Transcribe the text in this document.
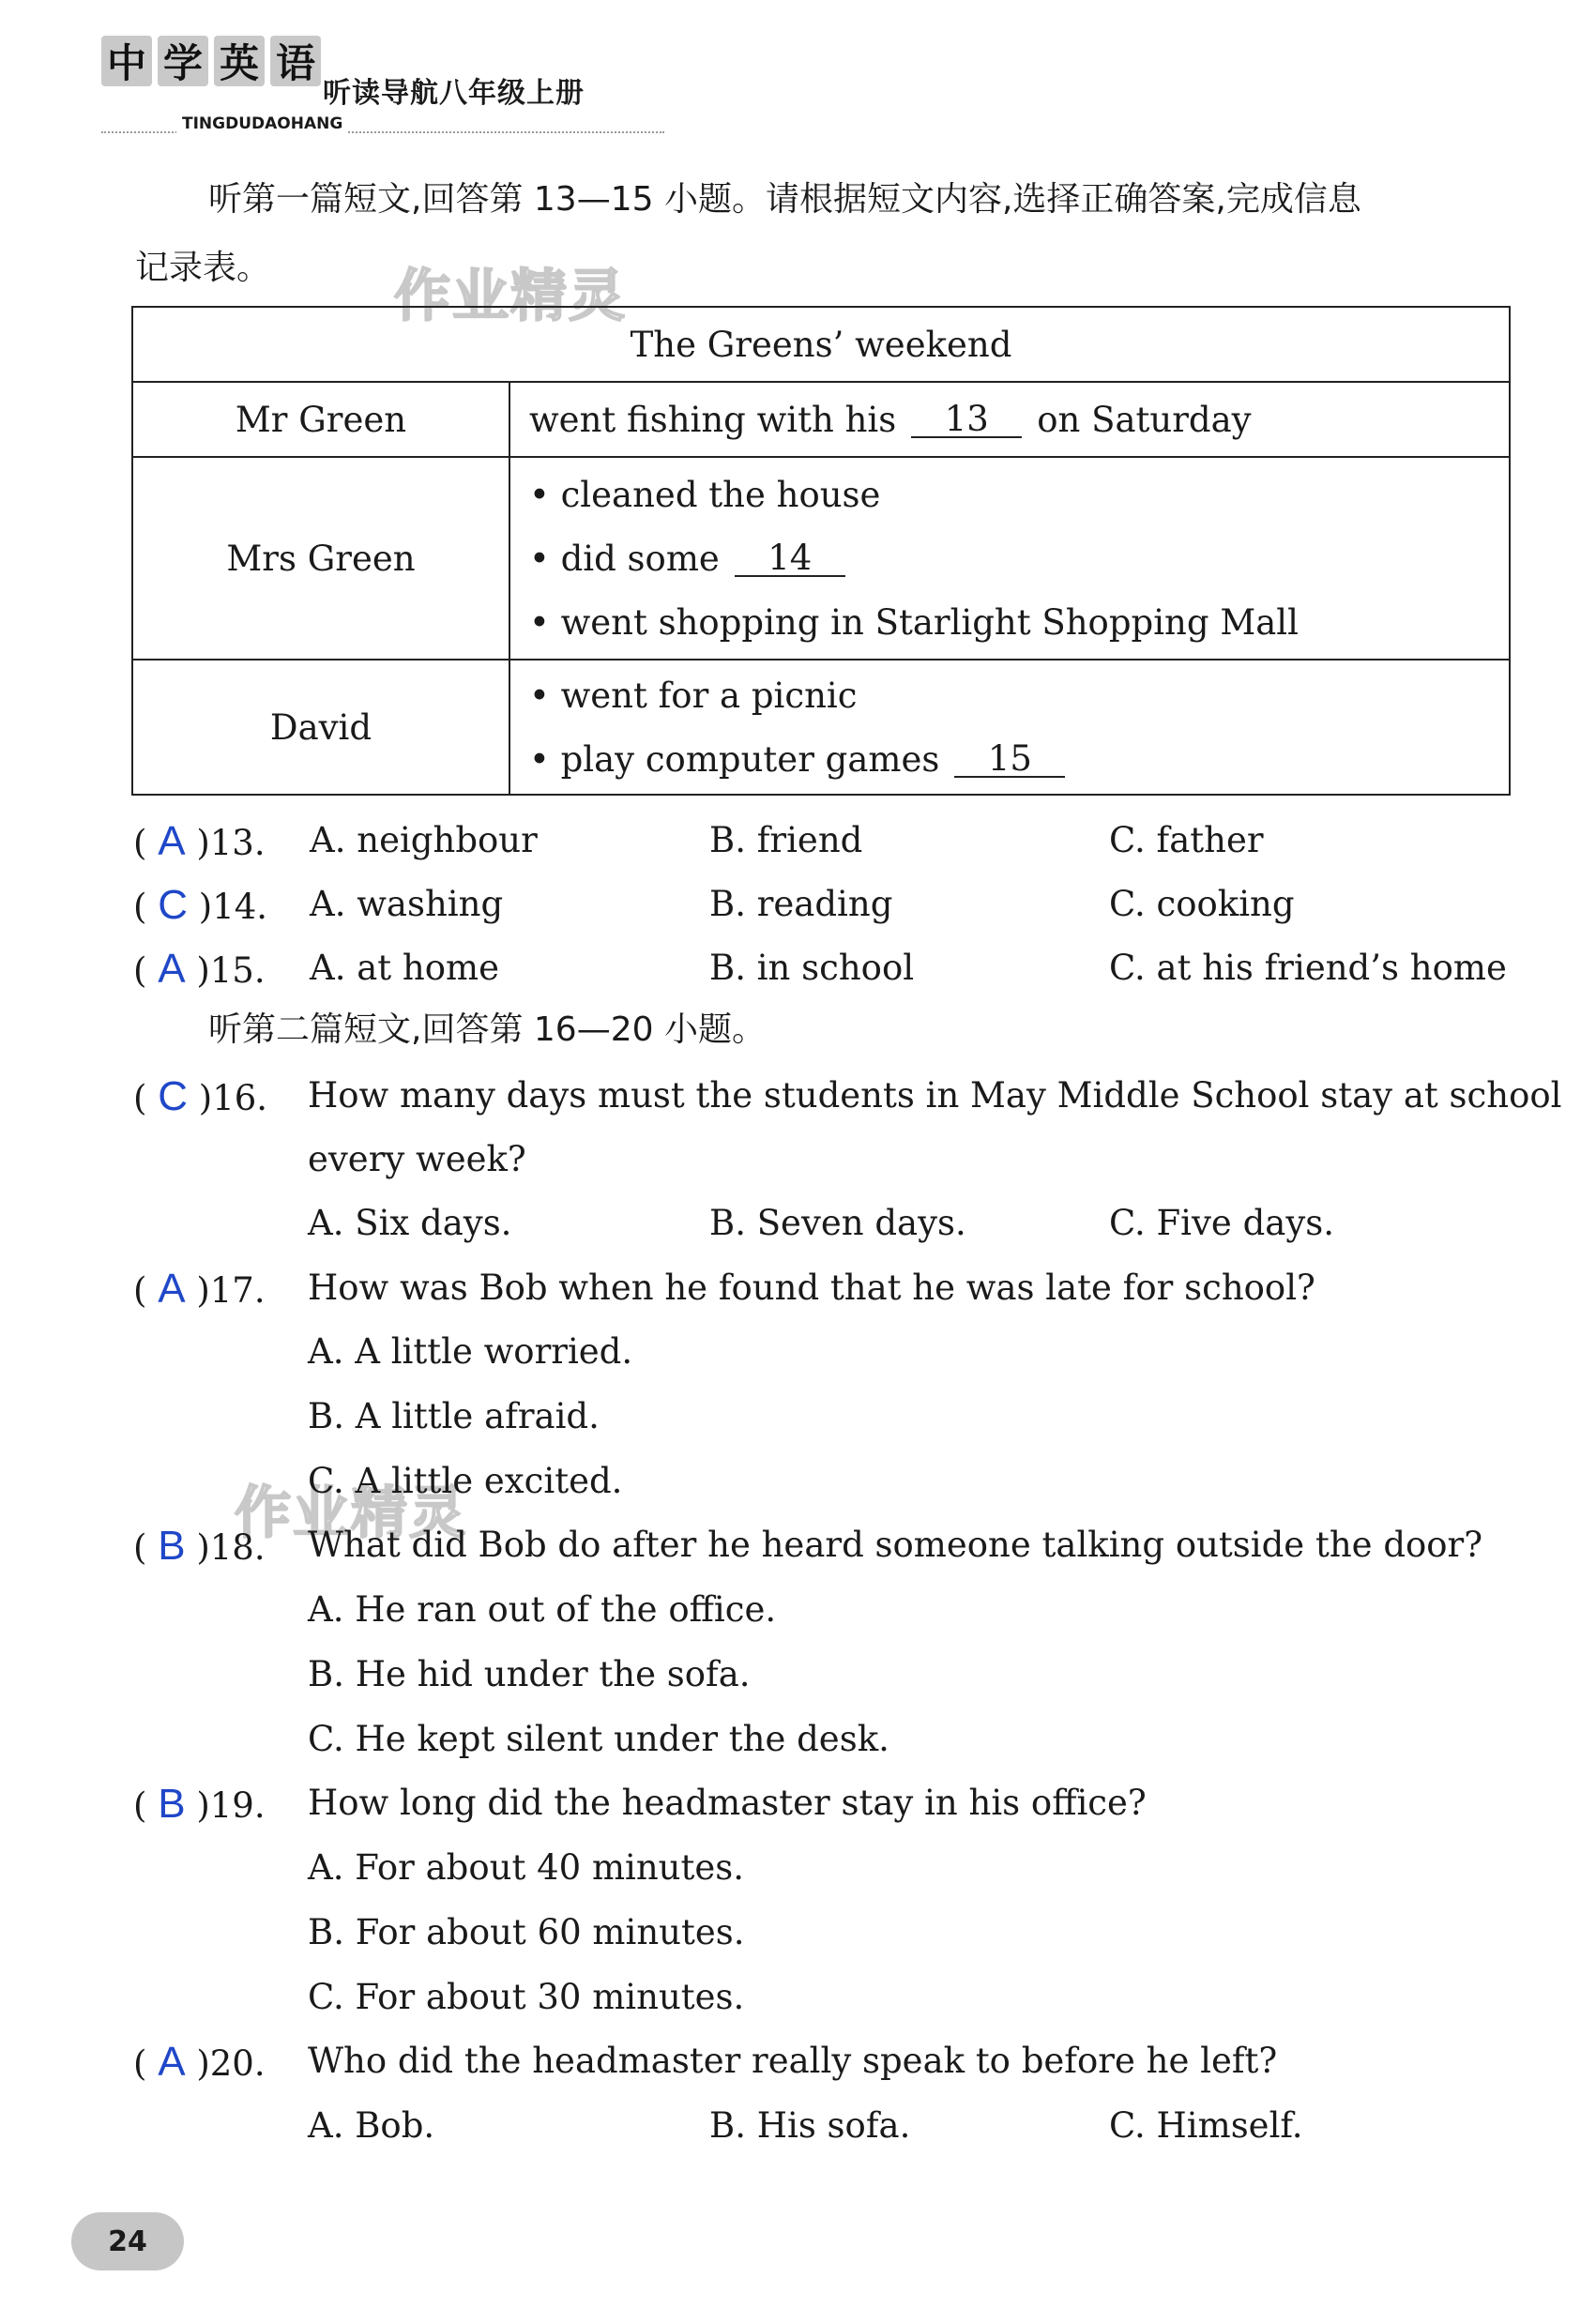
中 学 英 语
听读导航八年级上册
TINGDUDAOHANG
作业精灵
作业精灵
听第一篇短文,回答第 13—15 小题。请根据短文内容,选择正确答案,完成信息
记录表。
The Greens’ weekend	
Mr Green	went fishing with his 13 on Saturday

Mrs Green	• cleaned the house
• did some 14
• went shopping in Starlight Shopping Mall

David	• went for a picnic
• play computer games 15
( A )13. A. neighbour	B. friend	C. father
( C )14. A. washing	B. reading	C. cooking
( A )15. A. at home	B. in school	C. at his friend’s home
听第二篇短文,回答第 16—20 小题。
( C )16. How many days must the students in May Middle School stay at school
every week?
A. Six days.	B. Seven days.	C. Five days.
( A )17. How was Bob when he found that he was late for school?
A. A little worried.
B. A little afraid.
C. A little excited.
( B )18. What did Bob do after he heard someone talking outside the door?
A. He ran out of the office.
B. He hid under the sofa.
C. He kept silent under the desk.
( B )19. How long did the headmaster stay in his office?
A. For about 40 minutes.
B. For about 60 minutes.
C. For about 30 minutes.
( A )20. Who did the headmaster really speak to before he left?
A. Bob.	B. His sofa.	C. Himself.
24
